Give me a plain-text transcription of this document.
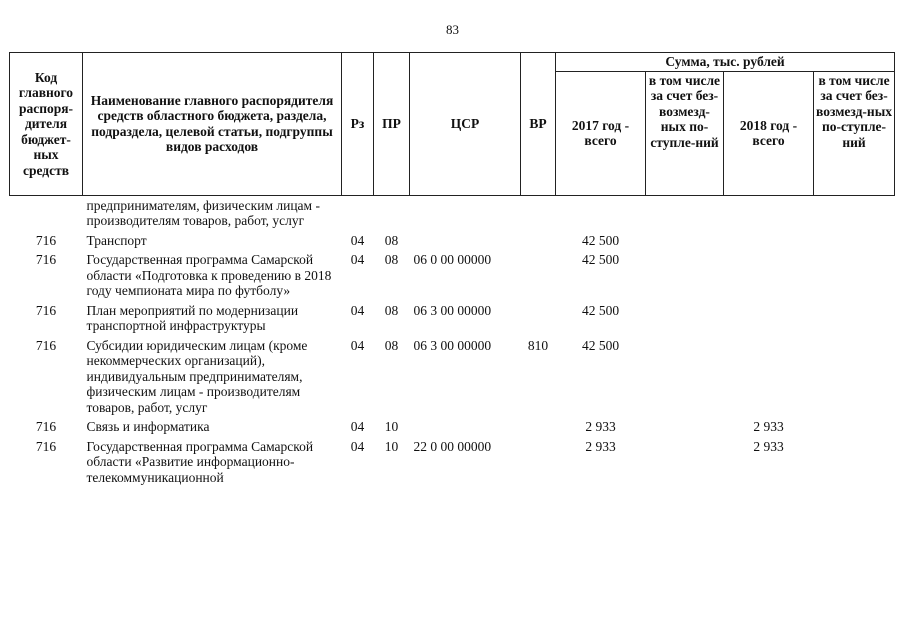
83
Код главного распоря-дителя бюджет-ных средств	Наименование главного распорядителя средств областного бюджета, раздела, подраздела, целевой статьи, подгруппы видов расходов	Рз	ПР	ЦСР	ВР	Сумма, тыс. рублей			
						2017 год - всего	в том числе за счет без-возмезд-ных по-ступле-ний	2018 год - всего	в том числе за счет без-возмезд-ных по-ступле-ний
	предпринимателям, физическим лицам - производителям товаров, работ, услуг								
716	Транспорт	04	08			42 500			
716	Государственная программа Самарской области «Подготовка к проведению в 2018 году чемпионата мира по футболу»	04	08	06 0 00 00000		42 500			
716	План мероприятий по модернизации транспортной инфраструктуры	04	08	06 3 00 00000		42 500			
716	Субсидии юридическим лицам (кроме некоммерческих организаций), индивидуальным предпринимателям, физическим лицам - производителям товаров, работ, услуг	04	08	06 3 00 00000	810	42 500			
716	Связь и информатика	04	10			2 933		2 933	
716	Государственная программа Самарской области «Развитие информационно-телекоммуникационной	04	10	22 0 00 00000		2 933		2 933	
